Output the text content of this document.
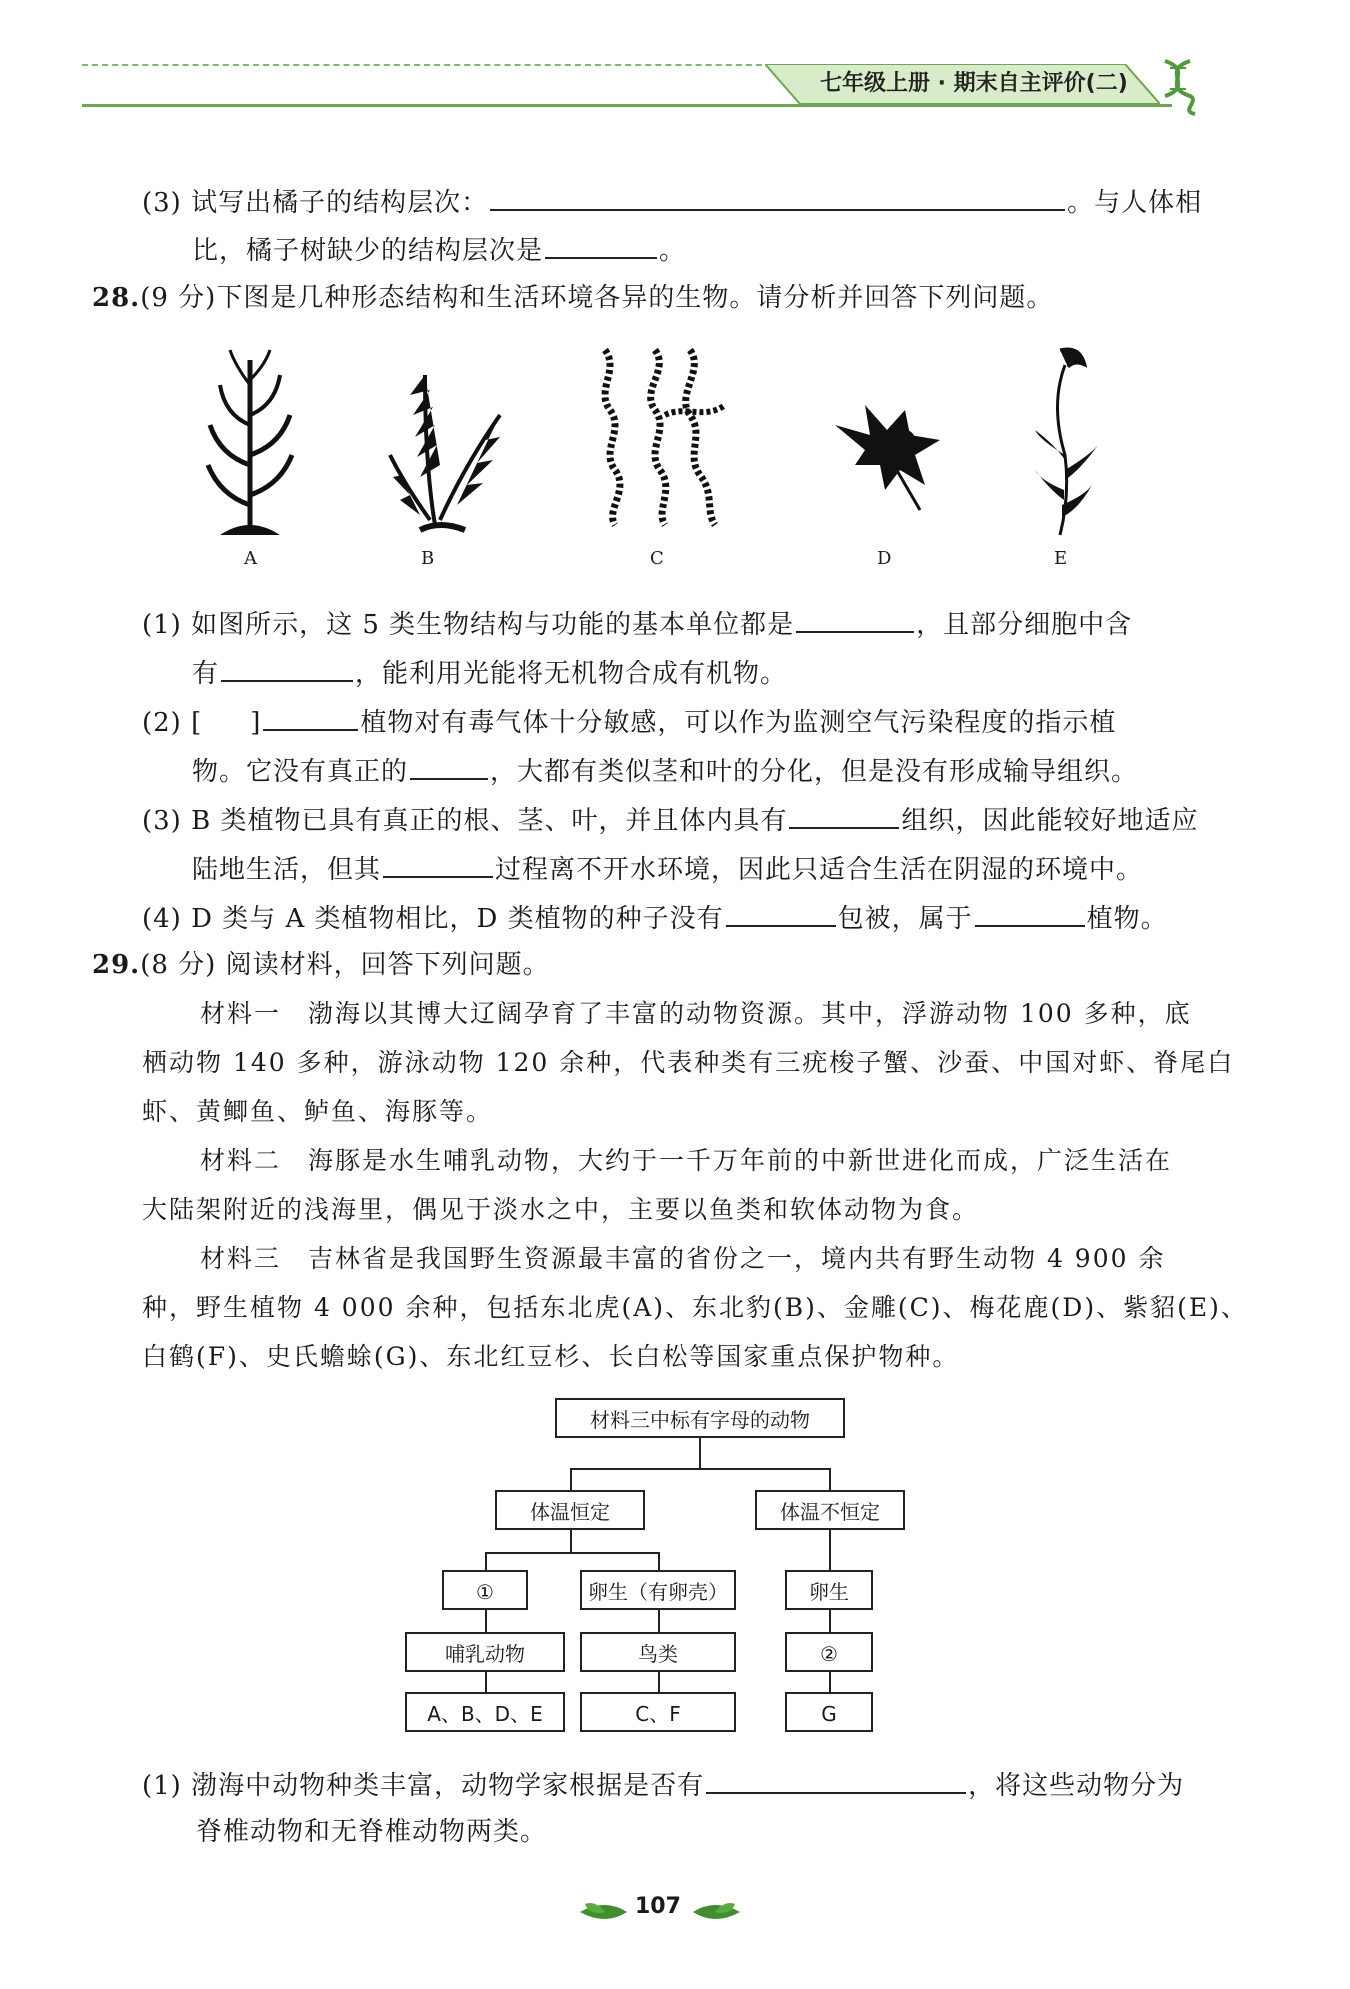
七年级上册 · 期末自主评价(二)
(3) 试写出橘子的结构层次：	。与人体相
比，橘子树缺少的结构层次是	。
28.(9 分)下图是几种形态结构和生活环境各异的生物。请分析并回答下列问题。
A	B	C	D	E
(1) 如图所示，这 5 类生物结构与功能的基本单位都是	，且部分细胞中含
有	，能利用光能将无机物合成有机物。
(2) [ ]	植物对有毒气体十分敏感，可以作为监测空气污染程度的指示植
物。它没有真正的	，大都有类似茎和叶的分化，但是没有形成输导组织。
(3) B 类植物已具有真正的根、茎、叶，并且体内具有	组织，因此能较好地适应
陆地生活，但其	过程离不开水环境，因此只适合生活在阴湿的环境中。
(4) D 类与 A 类植物相比，D 类植物的种子没有	包被，属于	植物。
29.(8 分) 阅读材料，回答下列问题。
材料一　渤海以其博大辽阔孕育了丰富的动物资源。其中，浮游动物 100 多种，底
栖动物 140 多种，游泳动物 120 余种，代表种类有三疣梭子蟹、沙蚕、中国对虾、脊尾白
虾、黄鲫鱼、鲈鱼、海豚等。
材料二　海豚是水生哺乳动物，大约于一千万年前的中新世进化而成，广泛生活在
大陆架附近的浅海里，偶见于淡水之中，主要以鱼类和软体动物为食。
材料三　吉林省是我国野生资源最丰富的省份之一，境内共有野生动物 4 900 余
种，野生植物 4 000 余种，包括东北虎(A)、东北豹(B)、金雕(C)、梅花鹿(D)、紫貂(E)、
白鹤(F)、史氏蟾蜍(G)、东北红豆杉、长白松等国家重点保护物种。
材料三中标有字母的动物
体温恒定	体温不恒定
①	卵生（有卵壳）	卵生
哺乳动物	鸟类	②
A、B、D、E	C、F	G
(1) 渤海中动物种类丰富，动物学家根据是否有	，将这些动物分为
脊椎动物和无脊椎动物两类。
107
